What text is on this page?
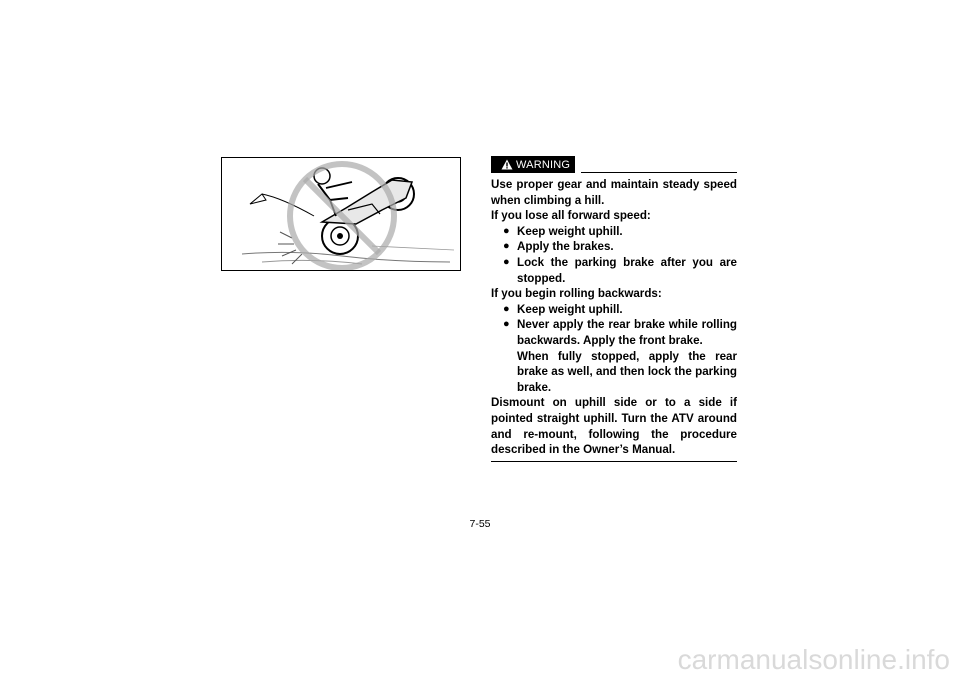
WARNING
Use proper gear and maintain steady speed when climbing a hill.
If you lose all forward speed:
● Keep weight uphill.
● Apply the brakes.
● Lock the parking brake after you are stopped.
If you begin rolling backwards:
● Keep weight uphill.
● Never apply the rear brake while rolling backwards. Apply the front brake.
When fully stopped, apply the rear brake as well, and then lock the parking brake.
Dismount on uphill side or to a side if pointed straight uphill. Turn the ATV around and re-mount, following the procedure described in the Owner’s Manual.
7-55
carmanualsonline.info
